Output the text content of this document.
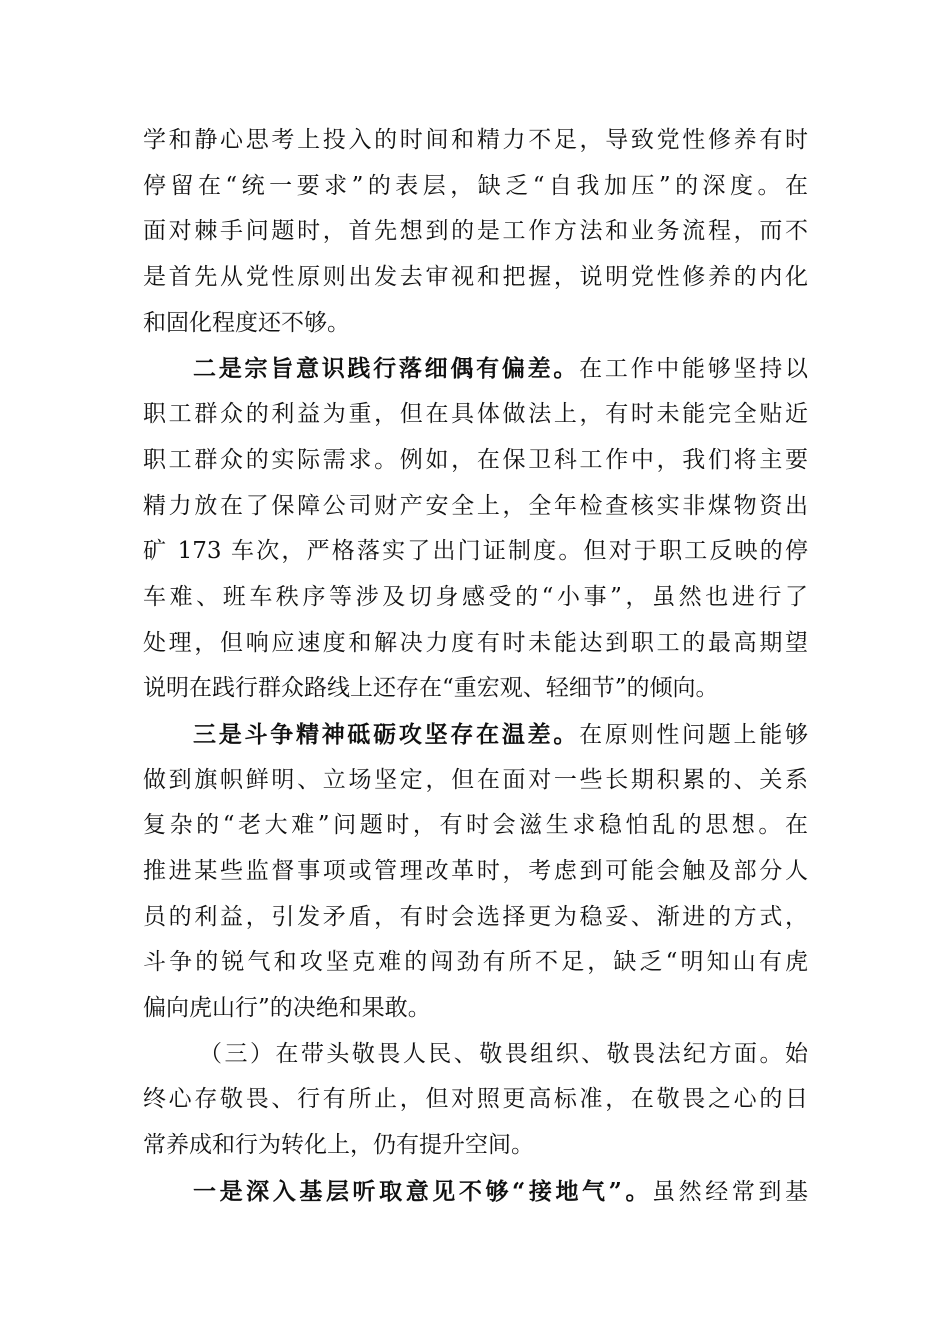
学和静心思考上投入的时间和精力不足，导致党性修养有时
停留在“统一要求”的表层，缺乏“自我加压”的深度。在
面对棘手问题时，首先想到的是工作方法和业务流程，而不
是首先从党性原则出发去审视和把握，说明党性修养的内化
和固化程度还不够。
二是宗旨意识践行落细偶有偏差。在工作中能够坚持以
职工群众的利益为重，但在具体做法上，有时未能完全贴近
职工群众的实际需求。例如，在保卫科工作中，我们将主要
精力放在了保障公司财产安全上，全年检查核实非煤物资出
矿 173 车次，严格落实了出门证制度。但对于职工反映的停
车难、班车秩序等涉及切身感受的“小事”，虽然也进行了
处理，但响应速度和解决力度有时未能达到职工的最高期望
说明在践行群众路线上还存在“重宏观、轻细节”的倾向。
三是斗争精神砥砺攻坚存在温差。在原则性问题上能够
做到旗帜鲜明、立场坚定，但在面对一些长期积累的、关系
复杂的“老大难”问题时，有时会滋生求稳怕乱的思想。在
推进某些监督事项或管理改革时，考虑到可能会触及部分人
员的利益，引发矛盾，有时会选择更为稳妥、渐进的方式，
斗争的锐气和攻坚克难的闯劲有所不足，缺乏“明知山有虎
偏向虎山行”的决绝和果敢。
（三）在带头敬畏人民、敬畏组织、敬畏法纪方面。始
终心存敬畏、行有所止，但对照更高标准，在敬畏之心的日
常养成和行为转化上，仍有提升空间。
一是深入基层听取意见不够“接地气”。虽然经常到基
